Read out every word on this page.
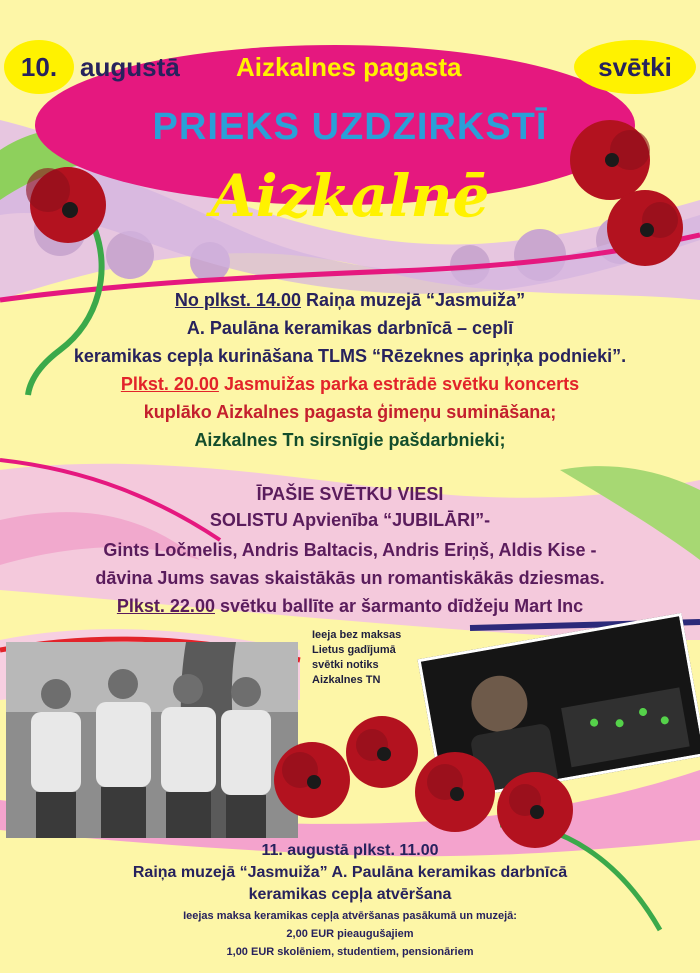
10. augustā Aizkalnes pagasta	svētki
PRIEKS UZDZIRKSTĪ
Aizkalnē
No plkst. 14.00 Raiņa muzejā “Jasmuiža”
A. Paulāna keramikas darbnīcā – ceplī
keramikas cepļa kurināšana TLMS “Rēzeknes apriņķa podnieki”.
Plkst. 20.00 Jasmuižas parka estrādē svētku koncerts
kuplāko Aizkalnes pagasta ģimeņu sumināšana;
Aizkalnes Tn sirsnīgie pašdarbnieki;
ĪPAŠIE SVĒTKU VIESI
SOLISTU Apvienība “JUBILĀRI”-
Gints Ločmelis, Andris Baltacis, Andris Eriņš, Aldis Kise -
dāvina Jums savas skaistākās un romantiskākās dziesmas.
Plkst. 22.00 svētku ballīte ar šarmanto dīdžeju Mart Inc
Ieeja bez maksas
Lietus gadījumā
svētki notiks
Aizkalnes TN
11. augustā plkst. 11.00
Raiņa muzejā “Jasmuiža” A. Paulāna keramikas darbnīcā
keramikas cepļa atvēršana
Ieejas maksa keramikas cepļa atvēršanas pasākumā un muzejā:
2,00 EUR pieaugušajiem
1,00 EUR skolēniem, studentiem, pensionāriem
